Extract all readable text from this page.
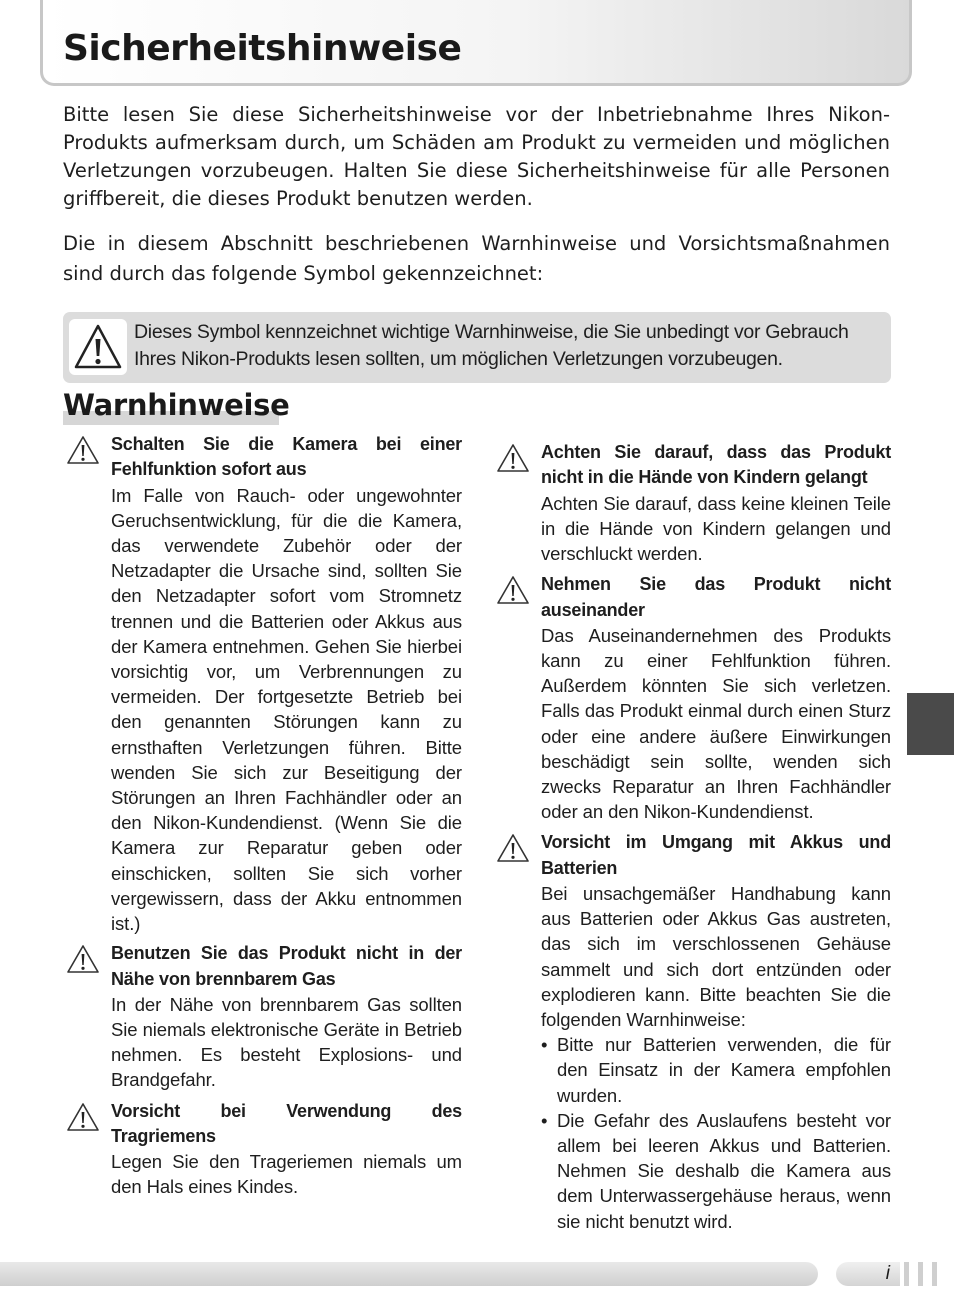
Sicherheitshinweise

Bitte lesen Sie diese Sicherheitshinweise vor der Inbetriebnahme Ihres Nikon-Produkts aufmerksam durch, um Schäden am Produkt zu vermeiden und möglichen Verletzungen vorzubeugen. Halten Sie diese Sicherheitshinweise für alle Personen griffbereit, die dieses Produkt benutzen werden.

Die in diesem Abschnitt beschriebenen Warnhinweise und Vorsichtsmaßnahmen sind durch das folgende Symbol gekennzeichnet:

Dieses Symbol kennzeichnet wichtige Warnhinweise, die Sie unbedingt vor Gebrauch Ihres Nikon-Produkts lesen sollten, um möglichen Verletzungen vorzubeugen.
Warnhinweise
Schalten Sie die Kamera bei einer Fehlfunktion sofort aus
Im Falle von Rauch- oder ungewohnter Geruchsentwicklung, für die die Kamera, das verwendete Zubehör oder der Netzadapter die Ursache sind, sollten Sie den Netzadapter sofort vom Stromnetz trennen und die Batterien oder Akkus aus der Kamera entnehmen. Gehen Sie hierbei vorsichtig vor, um Verbrennungen zu vermeiden. Der fortgesetzte Betrieb bei den genannten Störungen kann zu ernsthaften Verletzungen führen. Bitte wenden Sie sich zur Beseitigung der Störungen an Ihren Fachhändler oder an den Nikon-Kundendienst. (Wenn Sie die Kamera zur Reparatur geben oder einschicken, sollten Sie sich vorher vergewissern, dass der Akku entnommen ist.)
Benutzen Sie das Produkt nicht in der Nähe von brennbarem Gas
In der Nähe von brennbarem Gas sollten Sie niemals elektronische Geräte in Betrieb nehmen. Es besteht Explosions- und Brandgefahr.
Vorsicht bei Verwendung des Tragriemens
Legen Sie den Trageriemen niemals um den Hals eines Kindes.
Achten Sie darauf, dass das Produkt nicht in die Hände von Kindern gelangt
Achten Sie darauf, dass keine kleinen Teile in die Hände von Kindern gelangen und verschluckt werden.
Nehmen Sie das Produkt nicht auseinander
Das Auseinandernehmen des Produkts kann zu einer Fehlfunktion führen. Außerdem könnten Sie sich verletzen. Falls das Produkt einmal durch einen Sturz oder eine andere äußere Einwirkungen beschädigt sein sollte, wenden sich zwecks Reparatur an Ihren Fachhändler oder an den Nikon-Kundendienst.
Vorsicht im Umgang mit Akkus und Batterien
Bei unsachgemäßer Handhabung kann aus Batterien oder Akkus Gas austreten, das sich im verschlossenen Gehäuse sammelt und sich dort entzünden oder explodieren kann. Bitte beachten Sie die folgenden Warnhinweise:
• Bitte nur Batterien verwenden, die für den Einsatz in der Kamera empfohlen wurden.
• Die Gefahr des Auslaufens besteht vor allem bei leeren Akkus und Batterien. Nehmen Sie deshalb die Kamera aus dem Unterwassergehäuse heraus, wenn sie nicht benutzt wird.
i
